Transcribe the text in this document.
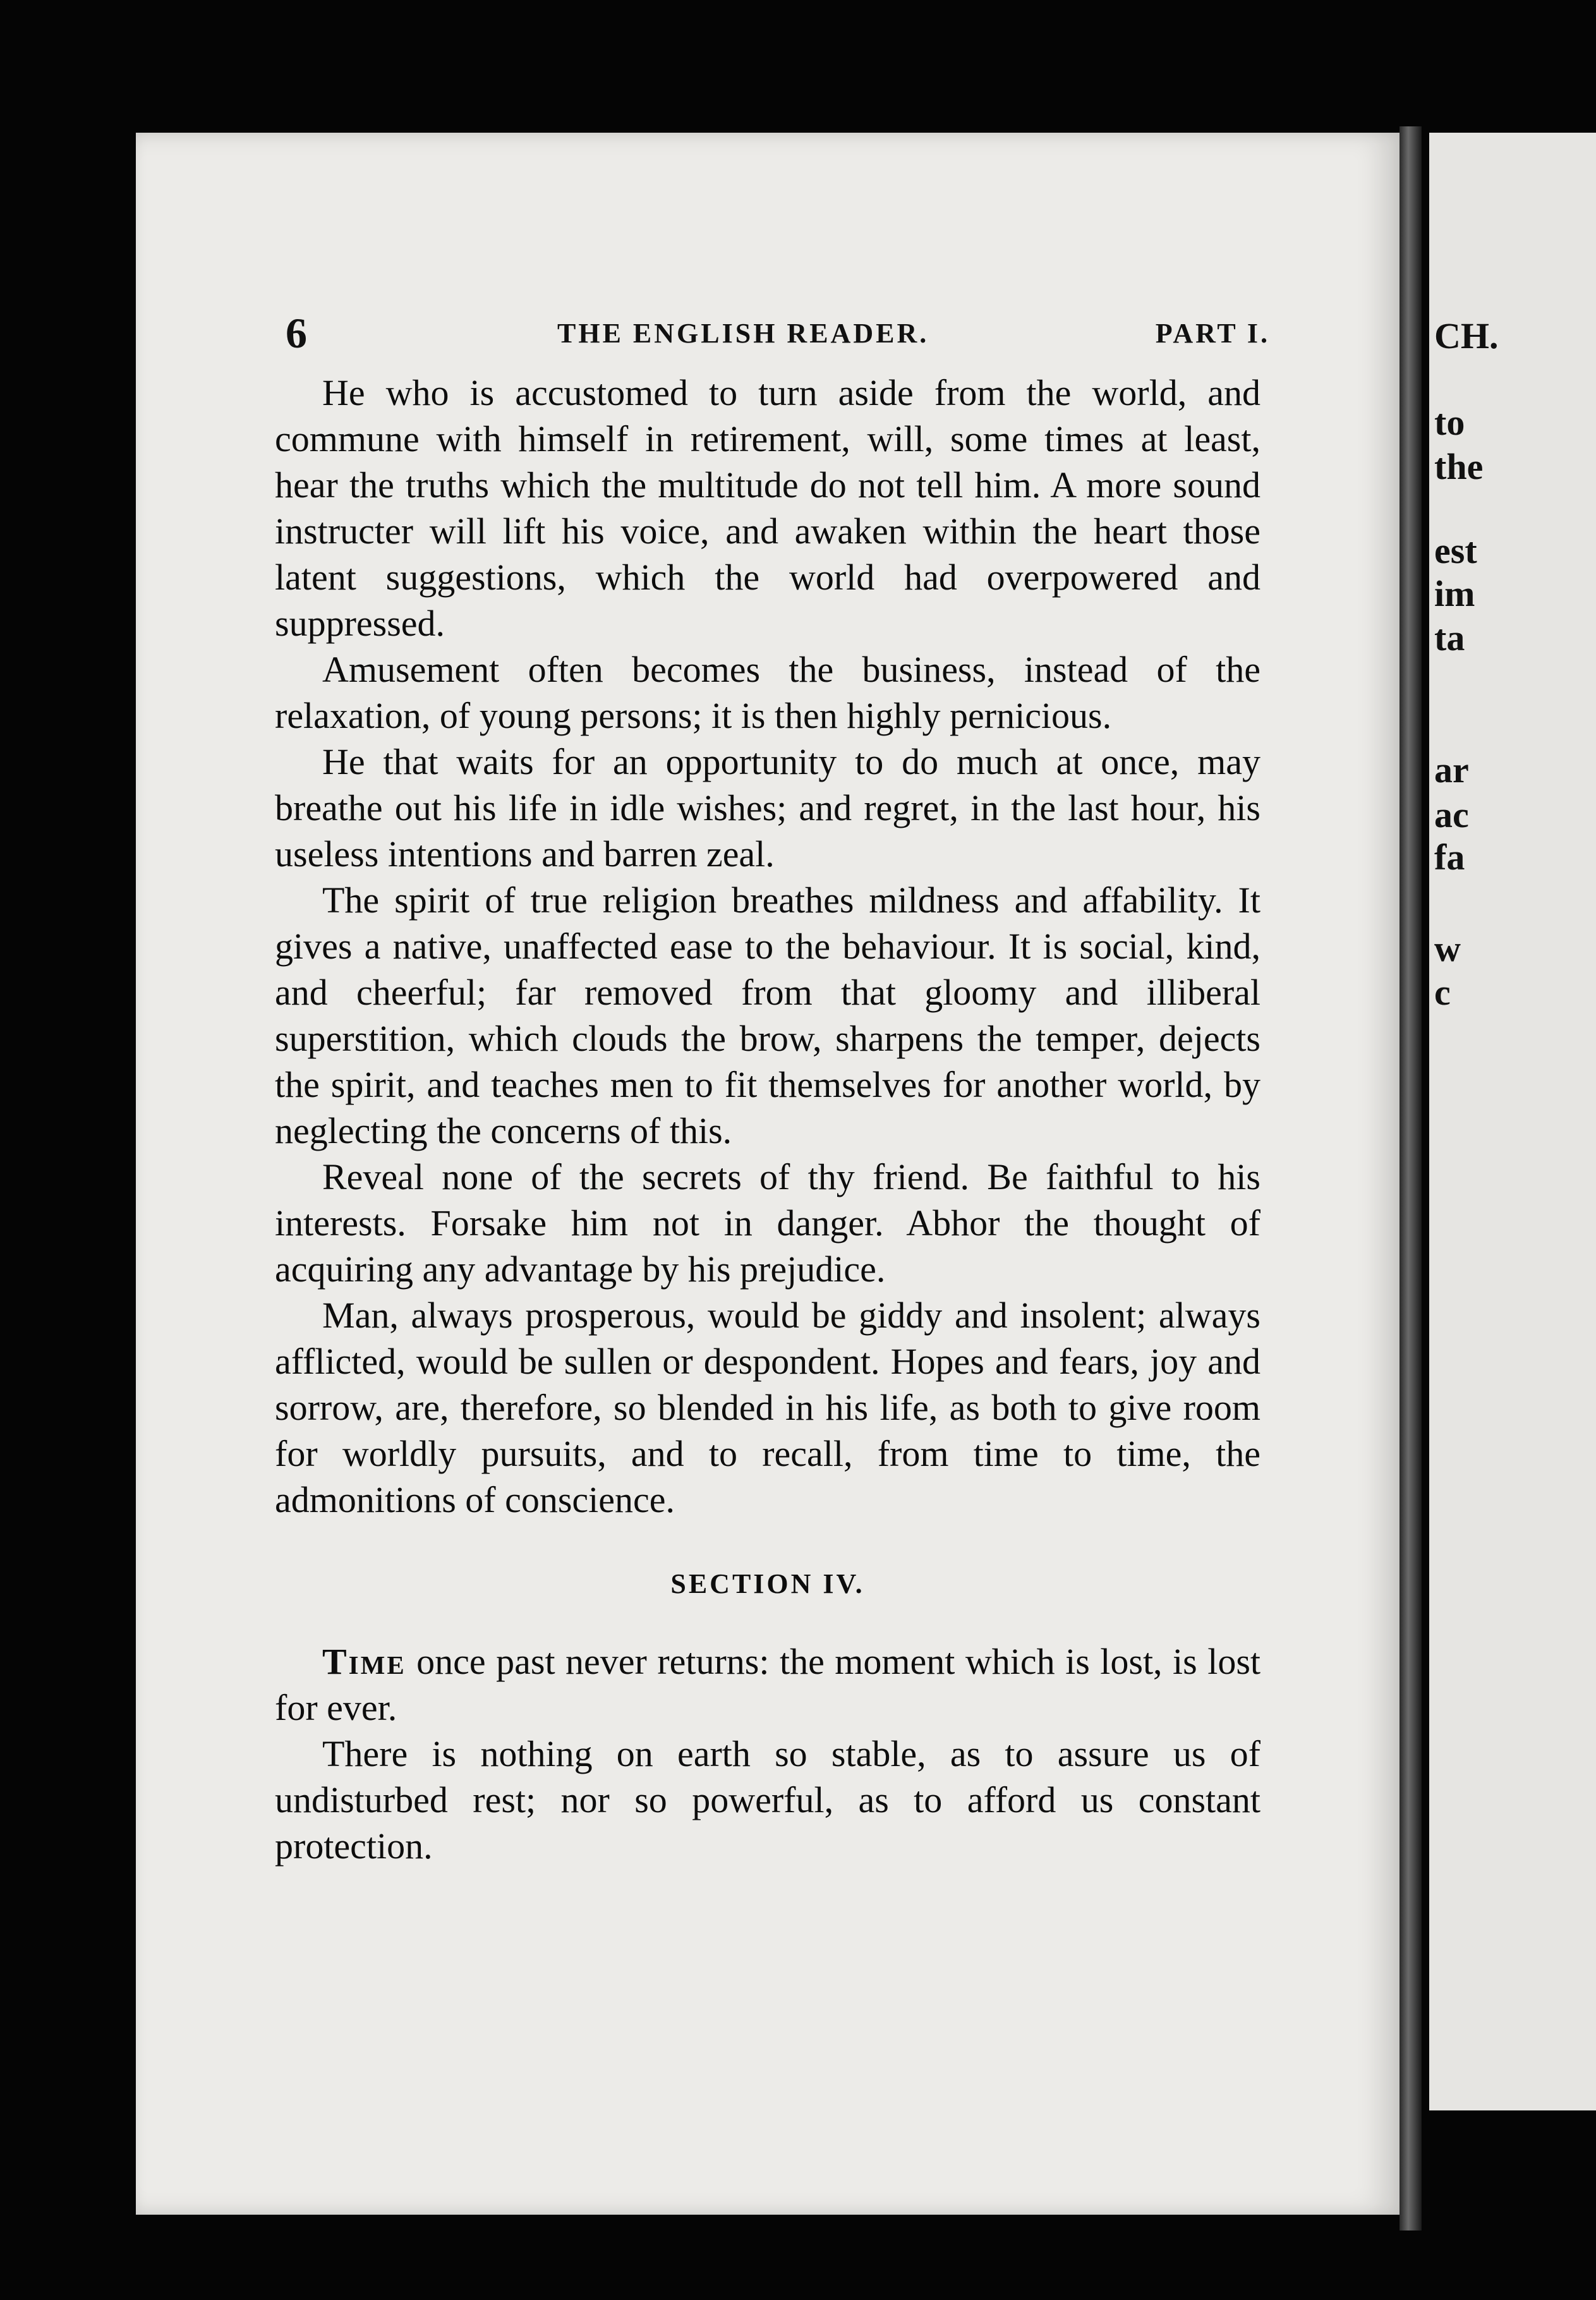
CH.
to
the
est
im
ta
ar
ac
fa
w
c
6	THE ENGLISH READER.	PART I.

He who is accustomed to turn aside from the world, and commune with himself in retirement, will, some times at least, hear the truths which the multitude do not tell him. A more sound instructer will lift his voice, and awaken within the heart those latent suggestions, which the world had overpowered and suppressed.

Amusement often becomes the business, instead of the relaxation, of young persons; it is then highly pernicious.

He that waits for an opportunity to do much at once, may breathe out his life in idle wishes; and regret, in the last hour, his useless intentions and barren zeal.

The spirit of true religion breathes mildness and affability. It gives a native, unaffected ease to the behaviour. It is social, kind, and cheerful; far removed from that gloomy and illiberal superstition, which clouds the brow, sharpens the temper, dejects the spirit, and teaches men to fit themselves for another world, by neglecting the concerns of this.

Reveal none of the secrets of thy friend. Be faithful to his interests. Forsake him not in danger. Abhor the thought of acquiring any advantage by his prejudice.

Man, always prosperous, would be giddy and insolent; always afflicted, would be sullen or despondent. Hopes and fears, joy and sorrow, are, therefore, so blended in his life, as both to give room for worldly pursuits, and to recall, from time to time, the admonitions of conscience.

SECTION IV.

Time once past never returns: the moment which is lost, is lost for ever.

There is nothing on earth so stable, as to assure us of undisturbed rest; nor so powerful, as to afford us constant protection.
